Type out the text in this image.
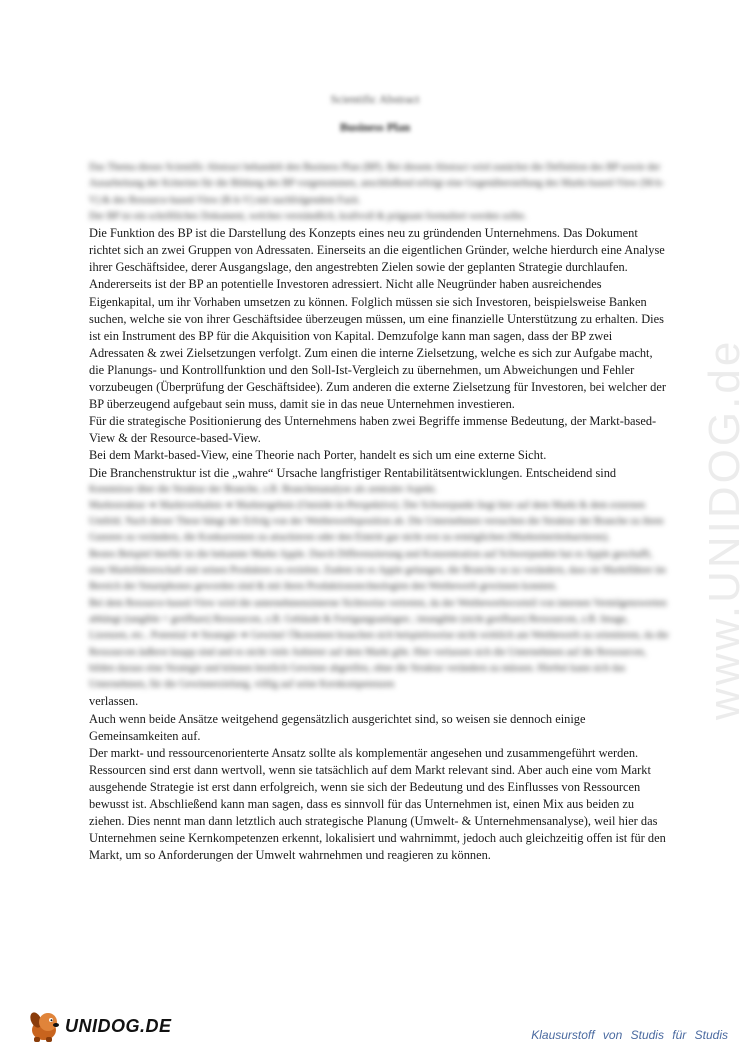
www.UNIDOG.de
Scientific Abstract
Business Plan

Das Thema dieses Scientific Abstract behandelt den Business Plan (BP). Bei diesem Abstract wird zunächst die Definition des BP sowie der Ausarbeitung der Kriterien für die Bildung des BP vorgenommen, anschließend erfolgt eine Gegenüberstellung des Markt-based-View (M-b-V) & des Resource-based-View (R-b-V) mit nachfolgendem Fazit.

Der BP ist ein schriftliches Dokument, welches verständlich, kraftvoll & prägnant formuliert werden sollte.

Die Funktion des BP ist die Darstellung des Konzepts eines neu zu gründenden Unternehmens. Das Dokument richtet sich an zwei Gruppen von Adressaten. Einerseits an die eigentlichen Gründer, welche hierdurch eine Analyse ihrer Geschäftsidee, derer Ausgangslage, den angestrebten Zielen sowie der geplanten Strategie durchlaufen.

Andererseits ist der BP an potentielle Investoren adressiert. Nicht alle Neugründer haben ausreichendes Eigenkapital, um ihr Vorhaben umsetzen zu können. Folglich müssen sie sich Investoren, beispielsweise Banken suchen, welche sie von ihrer Geschäftsidee überzeugen müssen, um eine finanzielle Unterstützung zu erhalten. Dies ist ein Instrument des BP für die Akquisition von Kapital. Demzufolge kann man sagen, dass der BP zwei Adressaten & zwei Zielsetzungen verfolgt. Zum einen die interne Zielsetzung, welche es sich zur Aufgabe macht, die Planungs- und Kontrollfunktion und den Soll-Ist-Vergleich zu übernehmen, um Abweichungen und Fehler vorzubeugen (Überprüfung der Geschäftsidee). Zum anderen die externe Zielsetzung für Investoren, bei welcher der BP überzeugend aufgebaut sein muss, damit sie in das neue Unternehmen investieren.

Für die strategische Positionierung des Unternehmens haben zwei Begriffe immense Bedeutung, der Markt-based-View & der Resource-based-View.

Bei dem Markt-based-View, eine Theorie nach Porter, handelt es sich um eine externe Sicht.

Die Branchenstruktur ist die „wahre“ Ursache langfristiger Rentabilitätsentwicklungen. Entscheidend sind

Kenntnisse über die Struktur der Branche, z.B. Branchenanalyse als zentraler Aspekt.

Marktstruktur ➔ Marktverhalten ➔ Marktergebnis (Outside-in-Perspektive). Der Schwerpunkt liegt hier auf dem Markt & dem externen Umfeld. Nach dieser These hängt der Erfolg von der Wettbewerbsposition ab. Die Unternehmen versuchen die Struktur der Branche zu ihren Gunsten zu verändern, die Konkurrenten zu attackieren oder den Eintritt gar nicht erst zu ermöglichen (Markteintrittsbarrieren).

Bestes Beispiel hierfür ist die bekannte Marke Apple. Durch Differenzierung und Konzentration auf Schwerpunkte hat es Apple geschafft, eine Marktführerschaft mit seinen Produkten zu erzielen. Zudem ist es Apple gelungen, die Branche so zu verändern, dass sie Marktführer im Bereich der Smartphones geworden sind & mit ihren Produktionstechnologien den Wettbewerb gewinnen konnten.

Bei dem Resource-based-View wird die unternehmensinterne Sichtweise vertreten, da der Wettbewerbsvorteil von internen Vermögenswerten abhängt (tangible = greifbare) Ressourcen, z.B. Gebäude & Fertigungsanlagen ; intangible (nicht greifbare) Ressourcen, z.B. Image, Lizenzen, etc.. Potential ➔ Strategie ➔ Gewinn! Ökonomen brauchen sich beispielsweise nicht wirklich am Wettbewerb zu orientieren, da die Ressourcen äußerst knapp sind und es nicht viele Anbieter auf dem Markt gibt. Hier verlassen sich die Unternehmen auf die Ressourcen, bilden daraus eine Strategie und können letztlich Gewinne abgreifen, ohne die Struktur verändern zu müssen. Hierbei kann sich das Unternehmen, für die Gewinnerzielung, völlig auf seine Kernkompetenzen

verlassen.

Auch wenn beide Ansätze weitgehend gegensätzlich ausgerichtet sind, so weisen sie dennoch einige Gemeinsamkeiten auf.

Der markt- und ressourcenorienterte Ansatz sollte als komplementär angesehen und zusammengeführt werden. Ressourcen sind erst dann wertvoll, wenn sie tatsächlich auf dem Markt relevant sind. Aber auch eine vom Markt ausgehende Strategie ist erst dann erfolgreich, wenn sie sich der Bedeutung und des Einflusses von Ressourcen bewusst ist. Abschließend kann man sagen, dass es sinnvoll für das Unternehmen ist, einen Mix aus beiden zu ziehen. Dies nennt man dann letztlich auch strategische Planung (Umwelt- & Unternehmensanalyse), weil hier das Unternehmen seine Kernkompetenzen erkennt, lokalisiert und wahrnimmt, jedoch auch gleichzeitig offen ist für den Markt, um so Anforderungen der Umwelt wahrnehmen und reagieren zu können.

UNIDOG.DE	Klausurstoff von Studis für Studis
